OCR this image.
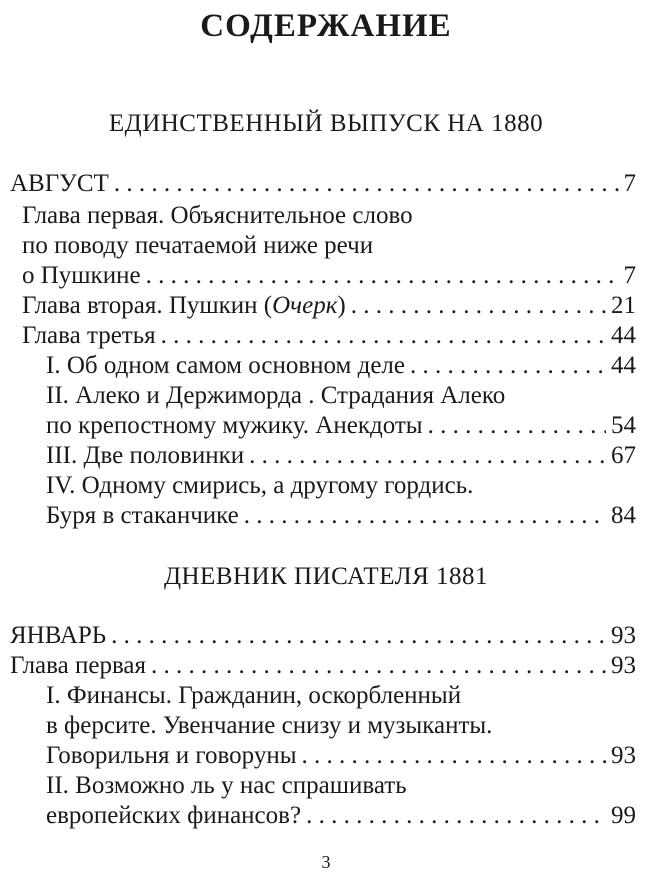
СОДЕРЖАНИЕ
ЕДИНСТВЕННЫЙ ВЫПУСК НА 1880
АВГУСТ . . .	7
Глава первая. Объяснительное слово
по поводу печатаемой ниже речи
о Пушкине . . .	7
Глава вторая. Пушкин (Очерк) . . .	21
Глава третья . . .	44
I. Об одном самом основном деле . . .	44
II. Алеко и Держиморда . Страдания Алеко
по крепостному мужику. Анекдоты . . .	54
III. Две половинки . . .	67
IV. Одному смирись, а другому гордись.
Буря в стаканчике . . .	84
ДНЕВНИК ПИСАТЕЛЯ 1881
ЯНВАРЬ . . .	93
Глава первая . . .	93
I. Финансы. Гражданин, оскорбленный
в ферсите. Увенчание снизу и музыканты.
Говорильня и говоруны . . .	93
II. Возможно ль у нас спрашивать
европейских финансов? . . .	99
3
